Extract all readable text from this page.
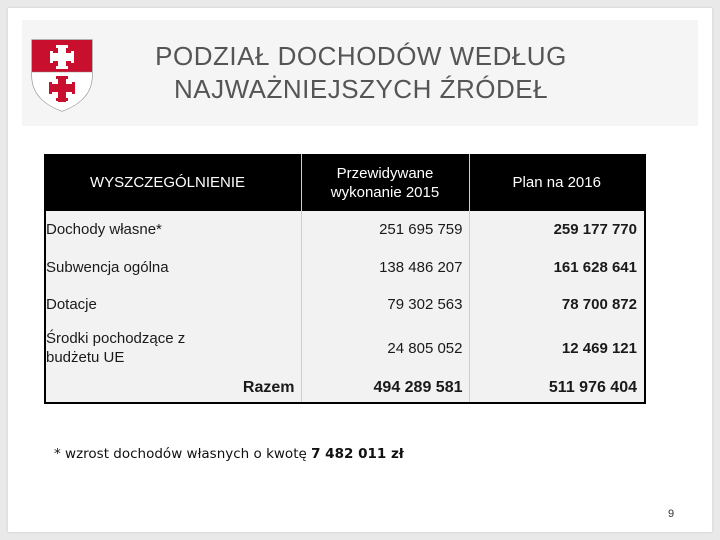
PODZIAŁ DOCHODÓW WEDŁUG
NAJWAŻNIEJSZYCH ŹRÓDEŁ
WYSZCZEGÓLNIENIE	Przewidywane wykonanie 2015	Plan na 2016
Dochody własne*	251 695 759	259 177 770
Subwencja ogólna	138 486 207	161 628 641
Dotacje	79 302 563	78 700 872
Środki pochodzące z budżetu UE	24 805 052	12 469 121
Razem	494 289 581	511 976 404
* wzrost dochodów własnych o kwotę 7 482 011 zł
9
